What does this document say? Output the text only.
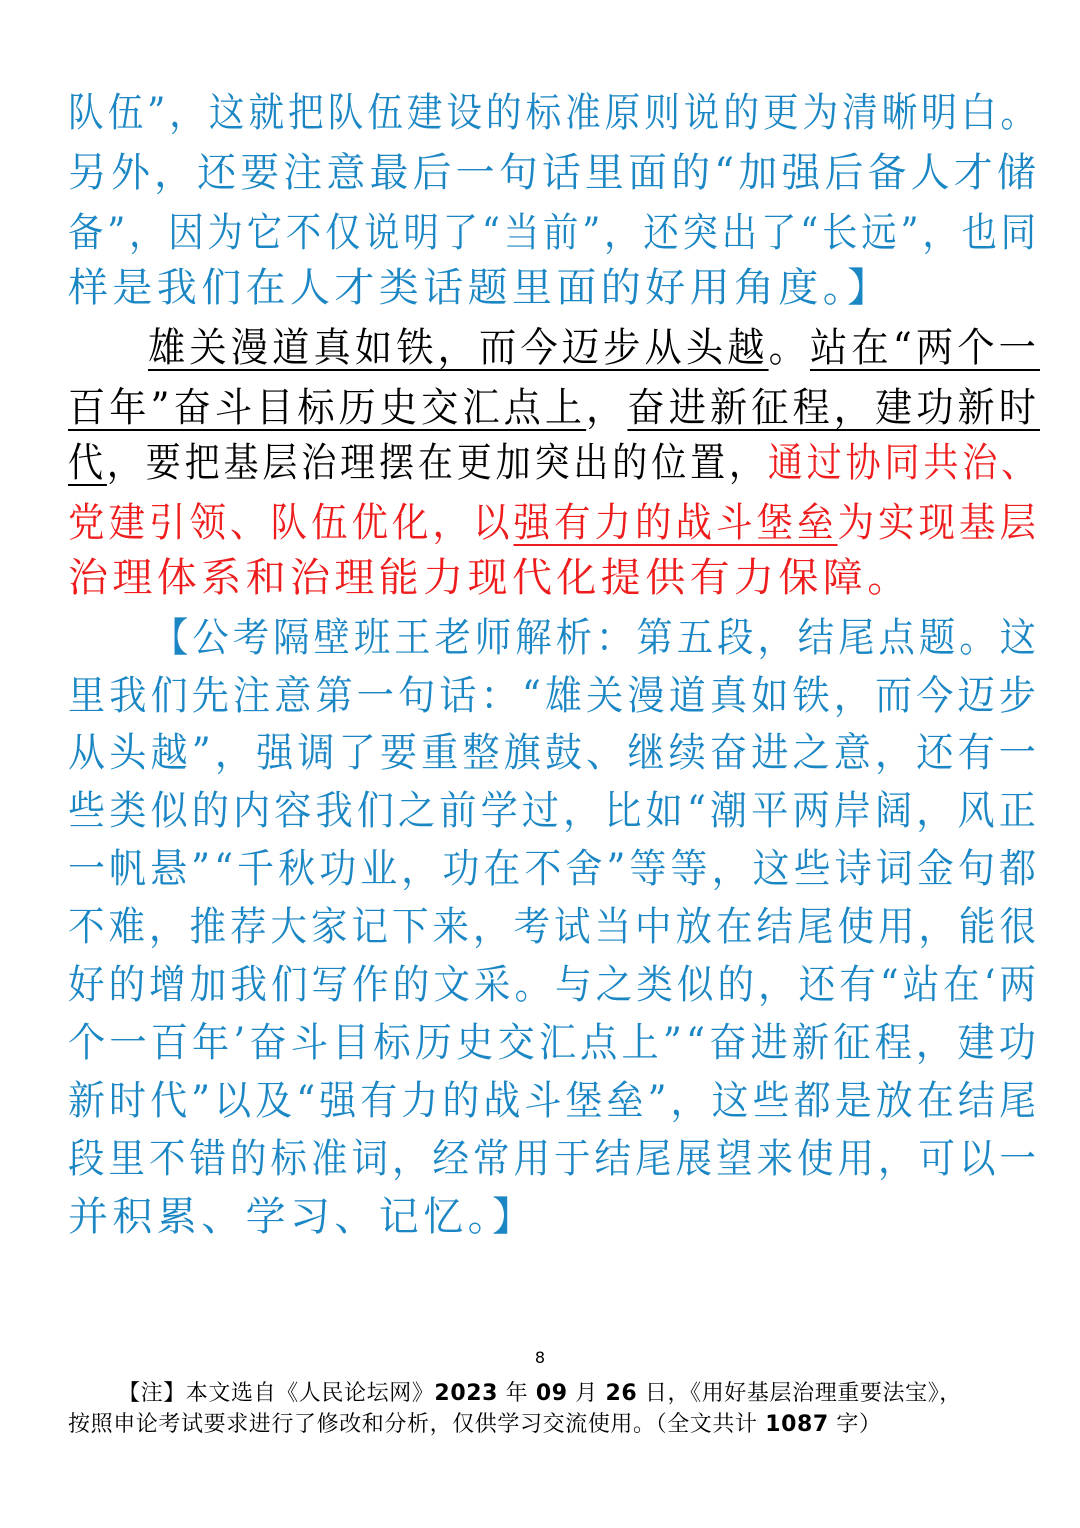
队伍”，这就把队伍建设的标准原则说的更为清晰明白。
另外，还要注意最后一句话里面的“加强后备人才储
备”，因为它不仅说明了“当前”，还突出了“长远”，也同
样是我们在人才类话题里面的好用角度。】
雄关漫道真如铁，而今迈步从头越。站在“两个一
百年”奋斗目标历史交汇点上，奋进新征程，建功新时
代，要把基层治理摆在更加突出的位置，通过协同共治、
党建引领、队伍优化，以强有力的战斗堡垒为实现基层
治理体系和治理能力现代化提供有力保障。
【公考隔壁班王老师解析：第五段，结尾点题。这
里我们先注意第一句话：“雄关漫道真如铁，而今迈步
从头越”，强调了要重整旗鼓、继续奋进之意，还有一
些类似的内容我们之前学过，比如“潮平两岸阔，风正
一帆悬”“千秋功业，功在不舍”等等，这些诗词金句都
不难，推荐大家记下来，考试当中放在结尾使用，能很
好的增加我们写作的文采。与之类似的，还有“站在‘两
个一百年’奋斗目标历史交汇点上”“奋进新征程，建功
新时代”以及“强有力的战斗堡垒”，这些都是放在结尾
段里不错的标准词，经常用于结尾展望来使用，可以一
并积累、学习、记忆。】
8
【注】本文选自《人民论坛网》2023 年 09 月 26 日，《用好基层治理重要法宝》，
按照申论考试要求进行了修改和分析，仅供学习交流使用。（全文共计 1087 字）
